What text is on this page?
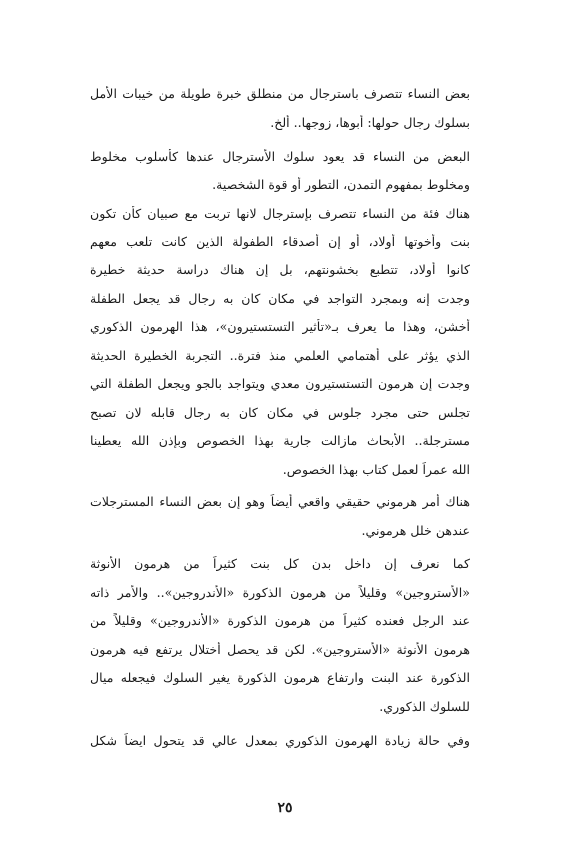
بعض النساء تتصرف باسترجال من منطلق خبرة طويلة من خيبات الأمل
بسلوك رجال حولها: أبوها، زوجها.. ألخ.
البعض من النساء قد يعود سلوك الأسترجال عندها كأسلوب مخلوط
ومخلوط بمفهوم التمدن، التطور أو قوة الشخصية.
هناك فئة من النساء تتصرف بإسترجال لانها تربت مع صبيان كأن تكون
بنت وأخوتها أولاد، أو إن أصدقاء الطفولة الذين كانت تلعب معهم
كانوا أولاد، تتطبع بخشونتهم، بل إن هناك دراسة حديثة خطيرة
وجدت إنه وبمجرد التواجد في مكان كان به رجال قد يجعل الطفلة
أخشن، وهذا ما يعرف بـ«تأثير التستستيرون»، هذا الهرمون الذكوري
الذي يؤثر على أهتمامي العلمي منذ فترة.. التجربة الخطيرة الحديثة
وجدت إن هرمون التستستيرون معدي ويتواجد بالجو ويجعل الطفلة التي
تجلس حتى مجرد جلوس في مكان كان به رجال قابله لان تصبح
مسترجلة.. الأبحاث مازالت جارية بهذا الخصوص وبإذن الله يعطينا
الله عمراً لعمل كتاب بهذا الخصوص.
هناك أمر هرموني حقيقي واقعي أيضاً وهو إن بعض النساء المسترجلات
عندهن خلل هرموني.
كما نعرف إن داخل بدن كل بنت كثيراً من هرمون الأنوثة
«الأستروجين» وقليلاً من هرمون الذكورة «الأندروجين».. والأمر ذاته
عند الرجل فعنده كثيراً من هرمون الذكورة «الأندروجين» وقليلاً من
هرمون الأنوثة «الأستروجين». لكن قد يحصل أختلال يرتفع فيه هرمون
الذكورة عند البنت وارتفاع هرمون الذكورة يغير السلوك فيجعله ميال
للسلوك الذكوري.
وفي حالة زيادة الهرمون الذكوري بمعدل عالي قد يتحول ايضاً شكل
٢٥
